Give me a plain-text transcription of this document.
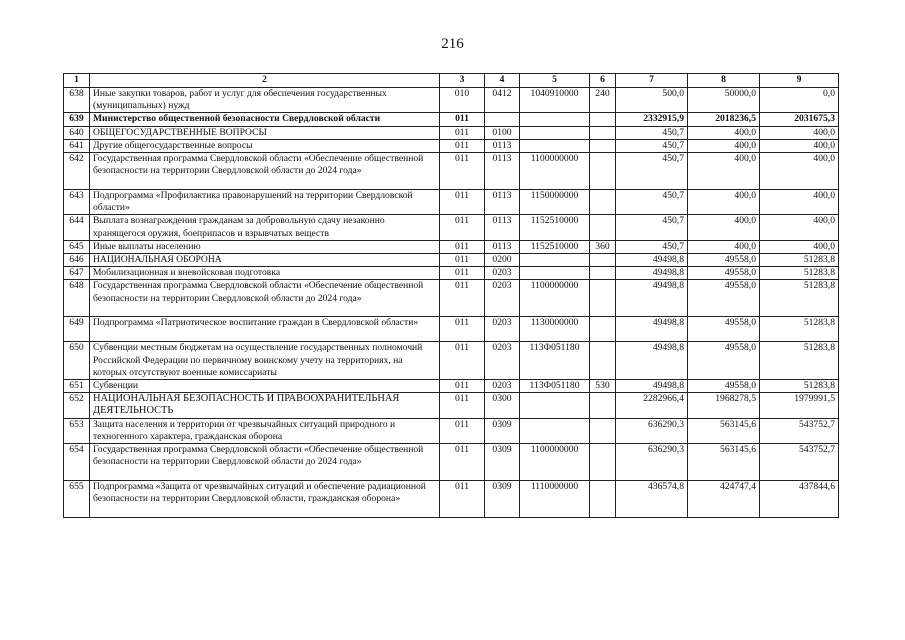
216
1	2	3	4	5	6	7	8	9
638	Иные закупки товаров, работ и услуг для обеспечения государственных (муниципальных) нужд	010	0412	1040910000	240	500,0	50000,0	0,0
639	Министерство общественной безопасности Свердловской области	011				2332915,9	2018236,5	2031675,3
640	ОБЩЕГОСУДАРСТВЕННЫЕ ВОПРОСЫ	011	0100			450,7	400,0	400,0
641	Другие общегосударственные вопросы	011	0113			450,7	400,0	400,0
642	Государственная программа Свердловской области «Обеспечение общественной безопасности на территории Свердловской области до 2024 года»	011	0113	1100000000		450,7	400,0	400,0
643	Подпрограмма «Профилактика правонарушений на территории Свердловской области»	011	0113	1150000000		450,7	400,0	400,0
644	Выплата вознаграждения гражданам за добровольную сдачу незаконно хранящегося оружия, боеприпасов и взрывчатых веществ	011	0113	1152510000		450,7	400,0	400,0
645	Иные выплаты населению	011	0113	1152510000	360	450,7	400,0	400,0
646	НАЦИОНАЛЬНАЯ ОБОРОНА	011	0200			49498,8	49558,0	51283,8
647	Мобилизационная и вневойсковая подготовка	011	0203			49498,8	49558,0	51283,8
648	Государственная программа Свердловской области «Обеспечение общественной безопасности на территории Свердловской области до 2024 года»	011	0203	1100000000		49498,8	49558,0	51283,8
649	Подпрограмма «Патриотическое воспитание граждан в Свердловской области»	011	0203	1130000000		49498,8	49558,0	51283,8
650	Субвенции местным бюджетам на осуществление государственных полномочий Российской Федерации по первичному воинскому учету на территориях, на которых отсутствуют военные комиссариаты	011	0203	113Ф051180		49498,8	49558,0	51283,8
651	Субвенции	011	0203	113Ф051180	530	49498,8	49558,0	51283,8
652	НАЦИОНАЛЬНАЯ БЕЗОПАСНОСТЬ И ПРАВООХРАНИТЕЛЬНАЯ ДЕЯТЕЛЬНОСТЬ	011	0300			2282966,4	1968278,5	1979991,5
653	Защита населения и территории от чрезвычайных ситуаций природного и техногенного характера, гражданская оборона	011	0309			636290,3	563145,6	543752,7
654	Государственная программа Свердловской области «Обеспечение общественной безопасности на территории Свердловской области до 2024 года»	011	0309	1100000000		636290,3	563145,6	543752,7
655	Подпрограмма «Защита от чрезвычайных ситуаций и обеспечение радиационной безопасности на территории Свердловской области, гражданская оборона»	011	0309	1110000000		436574,8	424747,4	437844,6
